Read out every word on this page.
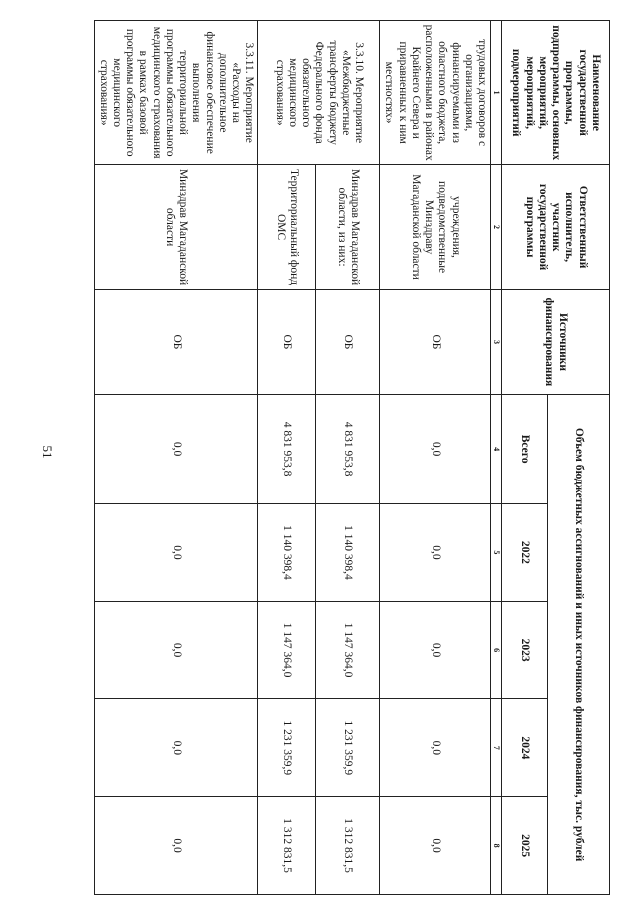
51
Наименование государственной программы, подпрограммы, основных мероприятий, мероприятий, подмероприятий	Ответственный исполнитель, участник государственной программы	Источники финансирования	Объем бюджетных ассигнований и иных источников финансирования, тыс. рублей				
			Всего	2022	2023	2024	2025
1	2	3	4	5	6	7	8
трудовых договоров с организациями, финансируемыми из областного бюджета, расположенными в районах Крайнего Севера и приравненных к ним местностях»	учреждения, подведомственные Минздраву Магаданской области	ОБ	0,0	0,0	0,0	0,0	0,0
3.3.10. Мероприятие «Межбюджетные трансферты бюджету Федерального фонда обязательного медицинского страхования»	Минздрав Магаданской области, из них:	ОБ	4 831 953,8	1 140 398,4	1 147 364,0	1 231 359,9	1 312 831,5
	Территориальный фонд ОМС	ОБ	4 831 953,8	1 140 398,4	1 147 364,0	1 231 359,9	1 312 831,5
3.3.11. Мероприятие «Расходы на дополнительное финансовое обеспечение выполнения территориальной программы обязательного медицинского страхования в рамках базовой программы обязательного медицинского страхования»	Минздрав Магаданской области	ОБ	0,0	0,0	0,0	0,0	0,0
